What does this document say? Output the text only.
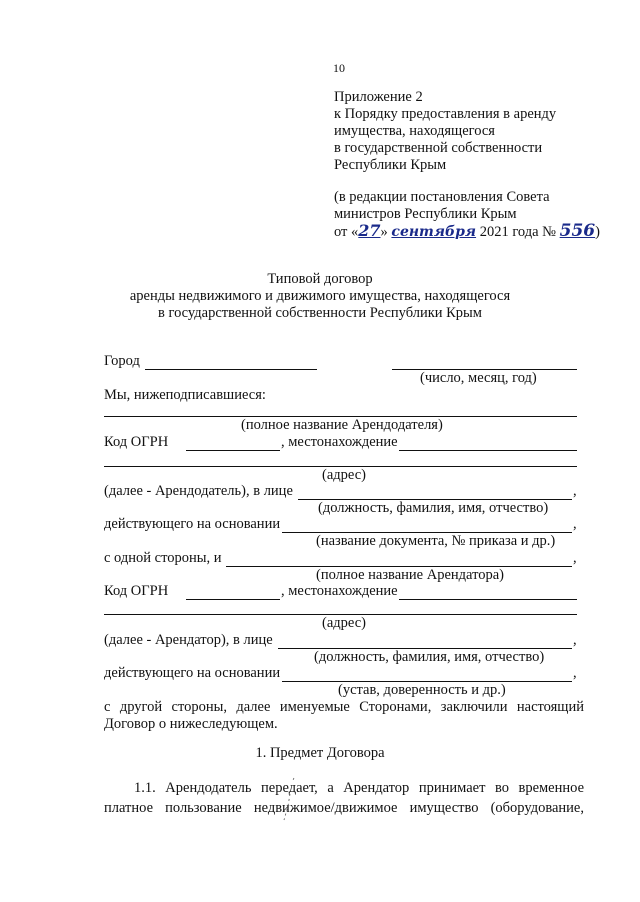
10
Приложение 2
к Порядку предоставления в аренду
имущества, находящегося
в государственной собственности
Республики Крым
(в редакции постановления Совета
министров Республики Крым
от «27» сентября 2021 года № 556)
Типовой договор
аренды недвижимого и движимого имущества, находящегося
в государственной собственности Республики Крым
Город
(число, месяц, год)
Мы, нижеподписавшиеся:
(полное название Арендодателя)
Код ОГРН	, местонахождение
(адрес)
(далее - Арендодатель), в лице	,
(должность, фамилия, имя, отчество)
действующего на основании	,
(название документа, № приказа и др.)
с одной стороны, и	,
(полное название Арендатора)
Код ОГРН	, местонахождение
(адрес)
(далее - Арендатор), в лице	,
(должность, фамилия, имя, отчество)
действующего на основании	,
(устав, доверенность и др.)
с другой стороны, далее именуемые Сторонами, заключили настоящий
Договор о нижеследующем.
1. Предмет Договора
1.1. Арендодатель передает, а Арендатор принимает во временное
платное пользование недвижимое/движимое имущество (оборудование,
